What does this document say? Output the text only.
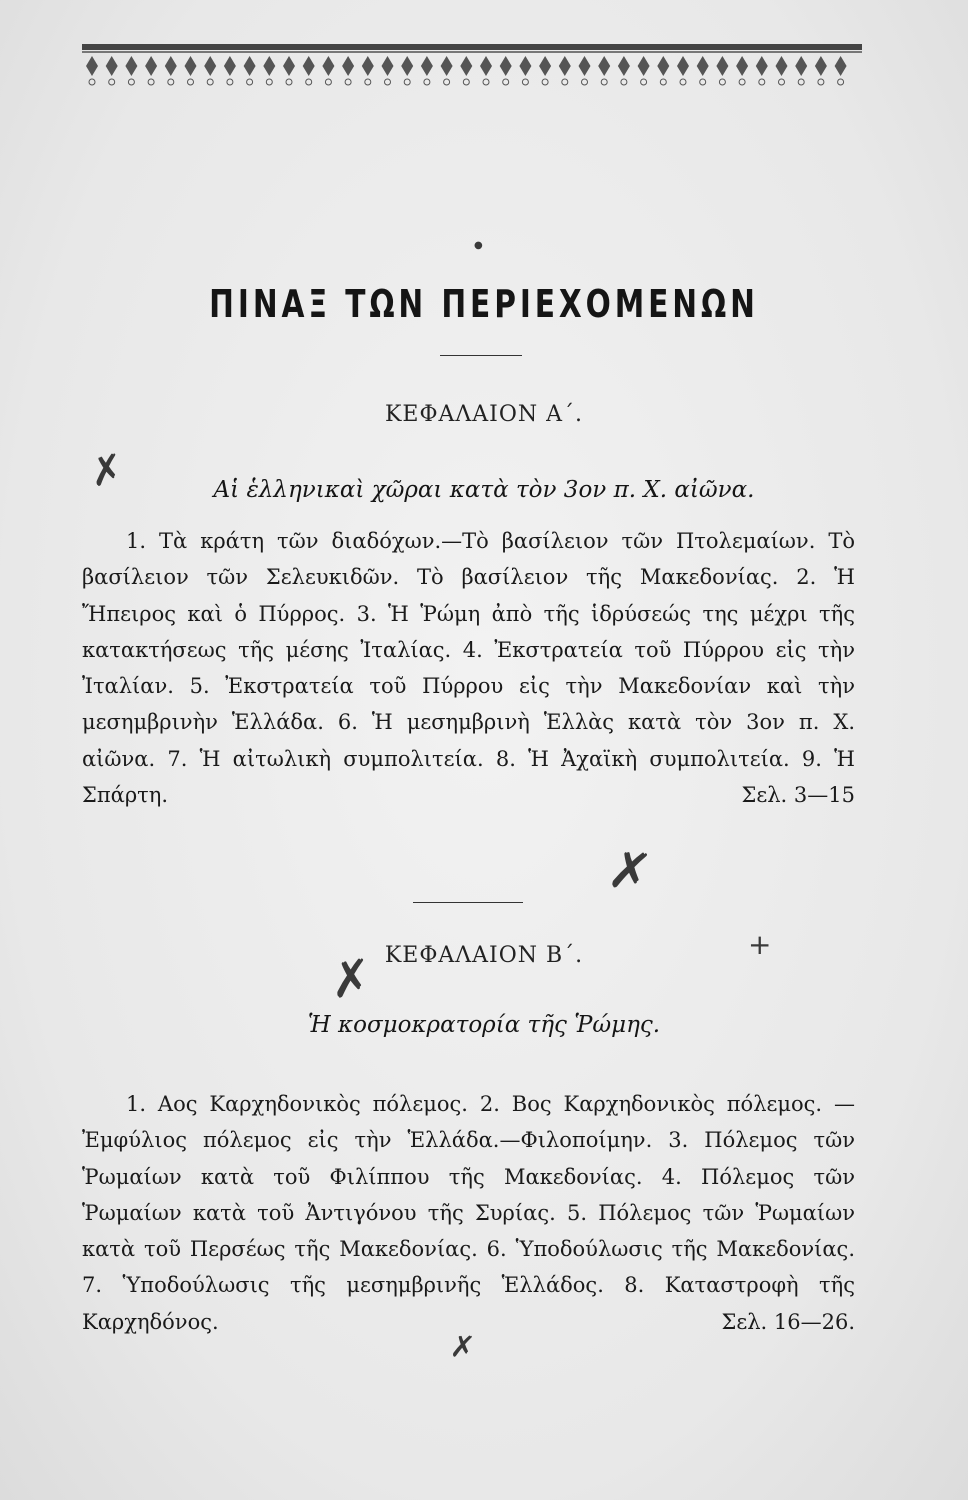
ΠΙΝΑΞ ΤΩΝ ΠΕΡΙΕΧΟΜΕΝΩΝ
ΚΕΦΑΛΑΙΟΝ Α΄.
Αἱ ἑλληνικαὶ χῶραι κατὰ τὸν 3ον π. Χ. αἰῶνα.

1. Τὰ κράτη τῶν διαδόχων.—Τὸ βασίλειον τῶν Πτολεμαίων. Τὸ βασίλειον τῶν Σελευκιδῶν. Τὸ βασίλειον τῆς Μακεδονίας. 2. Ἡ Ἤπειρος καὶ ὁ Πύρρος. 3. Ἡ Ῥώμη ἀπὸ τῆς ἱδρύσεώς της μέχρι τῆς κατακτήσεως τῆς μέσης Ἰταλίας. 4. Ἐκστρατεία τοῦ Πύρρου εἰς τὴν Ἰταλίαν. 5. Ἐκστρατεία τοῦ Πύρρου εἰς τὴν Μακεδονίαν καὶ τὴν μεσημβρινὴν Ἑλλάδα. 6. Ἡ μεσημβρινὴ Ἑλλὰς κατὰ τὸν 3ον π. Χ. αἰῶνα. 7. Ἡ αἰτωλικὴ συμπολιτεία. 8. Ἡ Ἀχαϊκὴ συμπολιτεία. 9. Ἡ Σπάρτη.	Σελ. 3—15

ΚΕΦΑΛΑΙΟΝ Β΄.
Ἡ κοσμοκρατορία τῆς Ῥώμης.

1. Αος Καρχηδονικὸς πόλεμος. 2. Βος Καρχηδονικὸς πόλεμος. —Ἐμφύλιος πόλεμος εἰς τὴν Ἑλλάδα.—Φιλοποίμην. 3. Πόλεμος τῶν Ῥωμαίων κατὰ τοῦ Φιλίππου τῆς Μακεδονίας. 4. Πόλεμος τῶν Ῥωμαίων κατὰ τοῦ Ἀντιγόνου τῆς Συρίας. 5. Πόλεμος τῶν Ῥωμαίων κατὰ τοῦ Περσέως τῆς Μακεδονίας. 6. Ὑποδούλωσις τῆς Μακεδονίας. 7. Ὑποδούλωσις τῆς μεσημβρινῆς Ἑλλάδος. 8. Καταστροφὴ τῆς Καρχηδόνος.	Σελ. 16—26.

✗
✗
✗
✗
+
●
